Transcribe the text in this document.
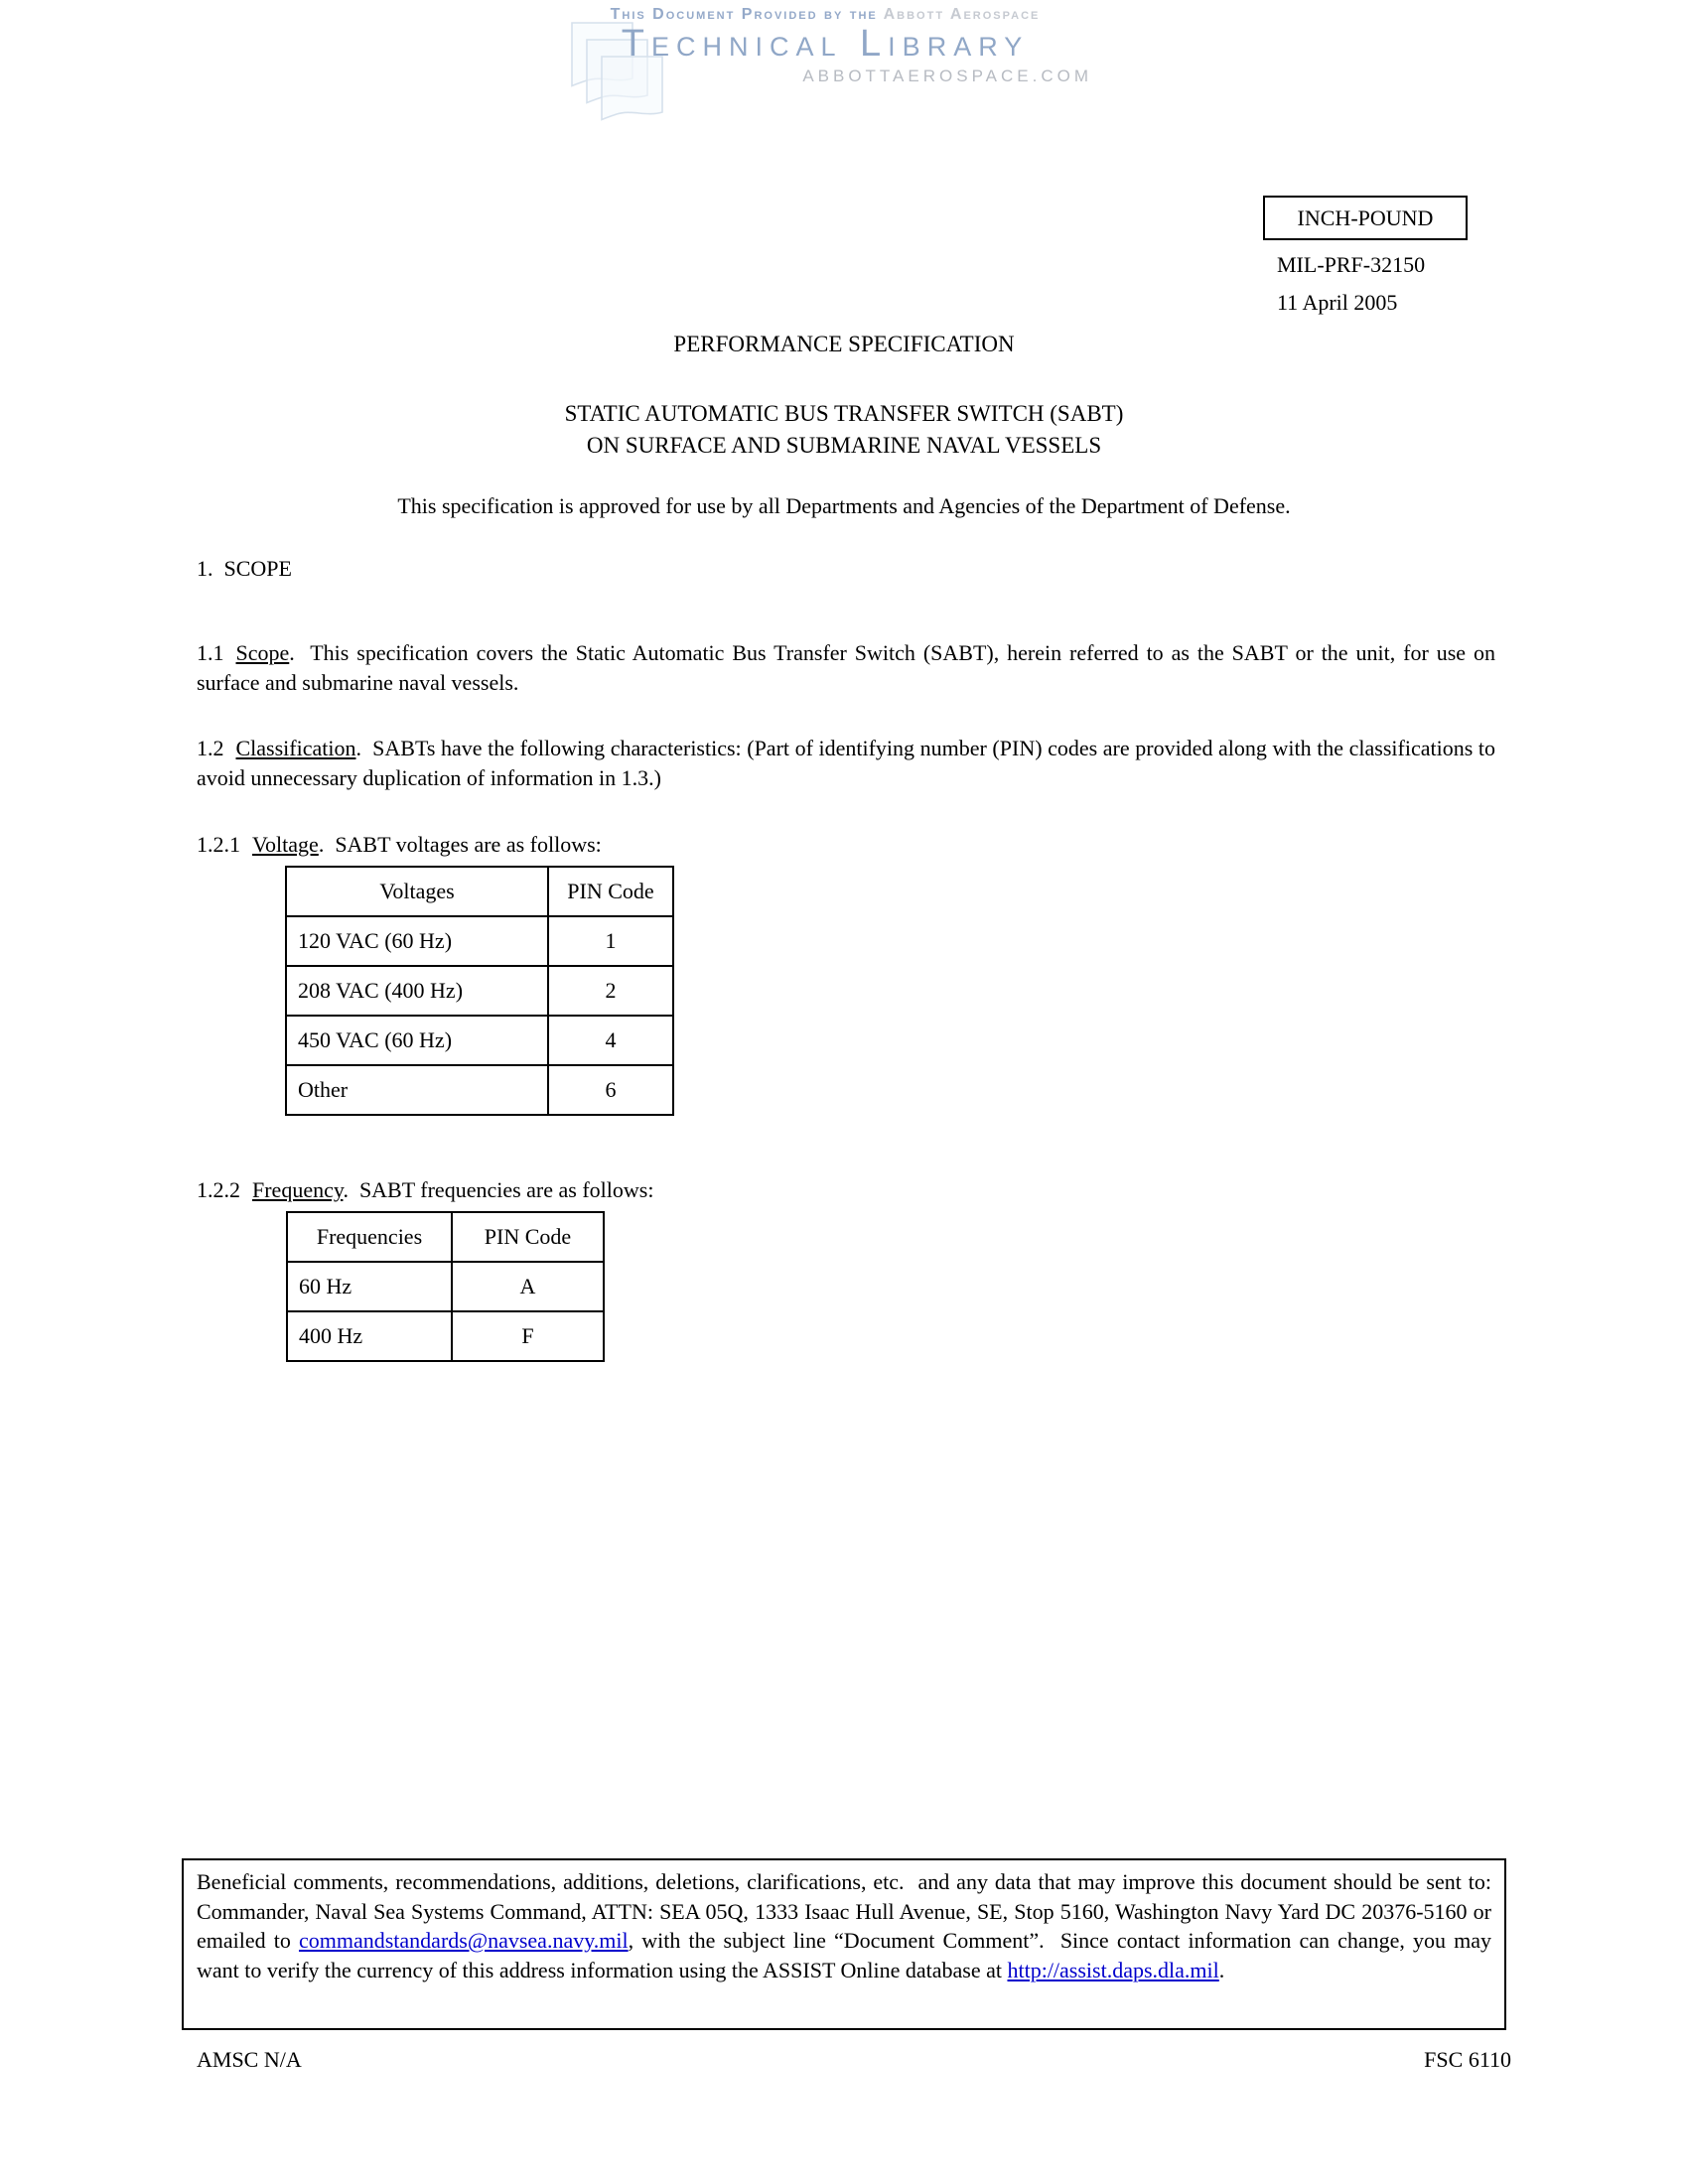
This Document Provided by the Abbott Aerospace
Technical Library
ABBOTTAEROSPACE.COM
INCH-POUND
MIL-PRF-32150
11 April 2005
PERFORMANCE SPECIFICATION
STATIC AUTOMATIC BUS TRANSFER SWITCH (SABT)
ON SURFACE AND SUBMARINE NAVAL VESSELS
This specification is approved for use by all Departments and Agencies of the Department of Defense.
1.  SCOPE

1.1 Scope.  This specification covers the Static Automatic Bus Transfer Switch (SABT), herein referred to as the SABT or the unit, for use on surface and submarine naval vessels.

1.2 Classification.  SABTs have the following characteristics: (Part of identifying number (PIN) codes are provided along with the classifications to avoid unnecessary duplication of information in 1.3.)

1.2.1 Voltage.  SABT voltages are as follows:

Voltages	PIN Code
120 VAC (60 Hz)	1
208 VAC (400 Hz)	2
450 VAC (60 Hz)	4
Other	6

1.2.2 Frequency.  SABT frequencies are as follows:

Frequencies	PIN Code
60 Hz	A
400 Hz	F
Beneficial comments, recommendations, additions, deletions, clarifications, etc.  and any data that may improve this document should be sent to: Commander, Naval Sea Systems Command, ATTN: SEA 05Q, 1333 Isaac Hull Avenue, SE, Stop 5160, Washington Navy Yard DC 20376-5160 or emailed to commandstandards@navsea.navy.mil, with the subject line “Document Comment”.  Since contact information can change, you may want to verify the currency of this address information using the ASSIST Online database at http://assist.daps.dla.mil.
AMSC N/A	FSC 6110
